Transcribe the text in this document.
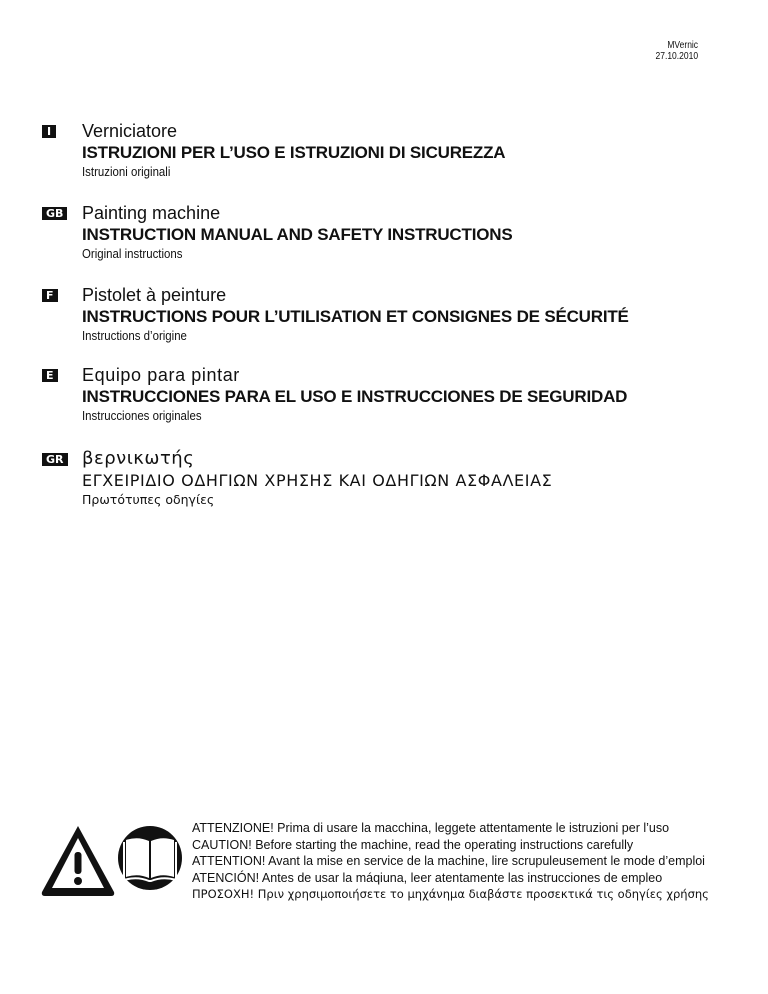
MVernic
27.10.2010
I Verniciatore
ISTRUZIONI PER L’USO E ISTRUZIONI DI SICUREZZA
Istruzioni originali
GB Painting machine
INSTRUCTION MANUAL AND SAFETY INSTRUCTIONS
Original instructions
F Pistolet à peinture
INSTRUCTIONS POUR L’UTILISATION ET CONSIGNES DE SÉCURITÉ
Instructions d’origine
E Equipo para pintar
INSTRUCCIONES PARA EL USO E INSTRUCCIONES DE SEGURIDAD
Instrucciones originales
GR βερνικωτής
ΕΓΧΕΙΡΙΔΙΟ ΟΔΗΓΙΩΝ ΧΡΗΣΗΣ ΚΑΙ ΟΔΗΓΙΩΝ ΑΣΦΑΛΕΙΑΣ
Πρωτότυπες οδηγίες
ATTENZIONE! Prima di usare la macchina, leggete attentamente le istruzioni per l’uso
CAUTION! Before starting the machine, read the operating instructions carefully
ATTENTION! Avant la mise en service de la machine, lire scrupuleusement le mode d’emploi
ATENCIÓN! Antes de usar la máqiuna, leer atentamente las instrucciones de empleo
ΠΡΟΣΟΧΗ! Πριν χρησιμοποιήσετε το μηχάνημα διαβάστε προσεκτικά τις οδηγίες χρήσης
